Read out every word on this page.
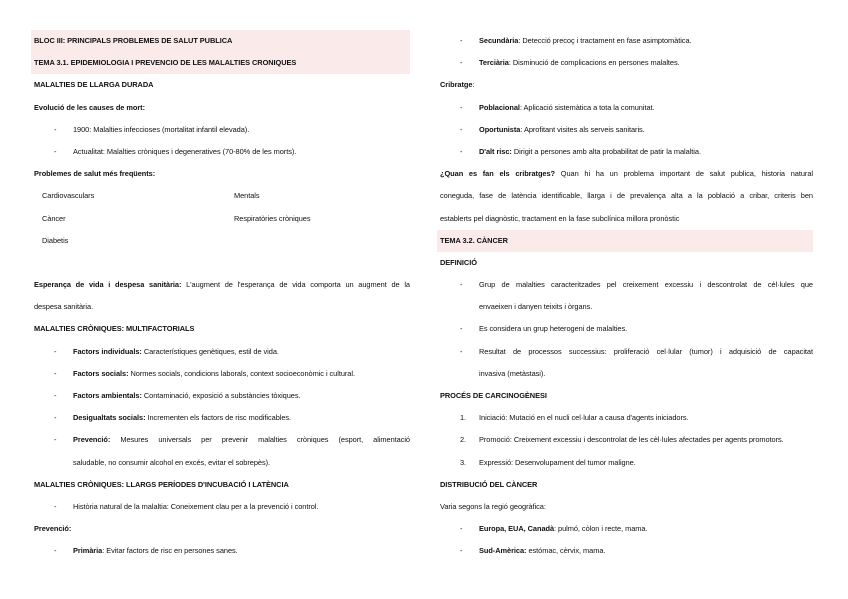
BLOC III: PRINCIPALS PROBLEMES DE SALUT PUBLICA
TEMA 3.1. EPIDEMIOLOGIA I PREVENCIO DE LES MALALTIES CRONIQUES
MALALTIES DE LLARGA DURADA
Evolució de les causes de mort:
-	1900: Malalties infeccioses (mortalitat infantil elevada).
-	Actualitat: Malalties cròniques i degeneratives (70-80% de les morts).
Problemes de salut més freqüents:
Cardiovasculars	Mentals
Càncer	Respiratòries cròniques
Diabetis
Esperança de vida i despesa sanitària: L'augment de l'esperança de vida comporta un augment de la
despesa sanitària.
MALALTIES CRÒNIQUES: MULTIFACTORIALS
-	Factors individuals: Característiques genètiques, estil de vida.
-	Factors socials: Normes socials, condicions laborals, context socioeconòmic i cultural.
-	Factors ambientals: Contaminació, exposició a substàncies tòxiques.
-	Desigualtats socials: Incrementen els factors de risc modificables.
-	Prevenció: Mesures universals per prevenir malalties cròniques (esport, alimentació
saludable, no consumir alcohol en excés, evitar el sobrepès).
MALALTIES CRÒNIQUES: LLARGS PERÍODES D'INCUBACIÓ I LATÈNCIA
-	Història natural de la malaltia: Coneixement clau per a la prevenció i control.
Prevenció:
-	Primària: Evitar factors de risc en persones sanes.
-	Secundària: Detecció precoç i tractament en fase asimptomàtica.
-	Terciària: Disminució de complicacions en persones malaltes.
Cribratge:
-	Poblacional: Aplicació sistemàtica a tota la comunitat.
-	Oportunista: Aprofitant visites als serveis sanitaris.
-	D'alt risc: Dirigit a persones amb alta probabilitat de patir la malaltia.
¿Quan es fan els cribratges? Quan hi ha un problema important de salut publica, historia natural
coneguda, fase de latència identificable, llarga i de prevalença alta a la població a cribar, criteris ben
establerts pel diagnòstic, tractament en la fase subclínica millora pronòstic
TEMA 3.2. CÀNCER
DEFINICIÓ
-	Grup de malalties caracteritzades pel creixement excessiu i descontrolat de cèl·lules que
envaeixen i danyen teixits i òrgans.
-	Es considera un grup heterogeni de malalties.
-	Resultat de processos successius: proliferació cel·lular (tumor) i adquisició de capacitat
invasiva (metàstasi).
PROCÉS DE CARCINOGÈNESI
1.	Iniciació: Mutació en el nucli cel·lular a causa d'agents iniciadors.
2.	Promoció: Creixement excessiu i descontrolat de les cèl·lules afectades per agents promotors.
3.	Expressió: Desenvolupament del tumor maligne.
DISTRIBUCIÓ DEL CÀNCER
Varia segons la regió geogràfica:
-	Europa, EUA, Canadà: pulmó, còlon i recte, mama.
-	Sud-Amèrica: estómac, cèrvix, mama.
